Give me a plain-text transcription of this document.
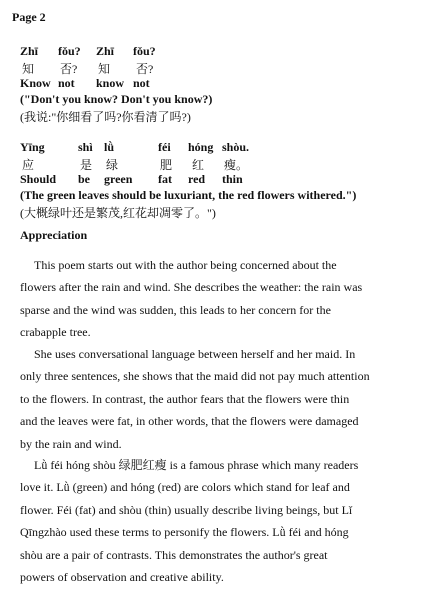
Page 2
Zhī fǒu? Zhī fǒu?
知 否? 知 否?
Know not know not
("Don't you know? Don't you know?)
(我说:"你细看了吗?你看清了吗?)
Yīng	shì lǜ	féi hóng shòu.
应	是 绿	肥 红 瘦。
Should be green fat red thin
(The green leaves should be luxuriant, the red flowers withered.")
(大概绿叶还是繁茂,红花却凋零了。")
Appreciation
This poem starts out with the author being concerned about the
flowers after the rain and wind. She describes the weather: the rain was
sparse and the wind was sudden, this leads to her concern for the
crabapple tree.
She uses conversational language between herself and her maid. In
only three sentences, she shows that the maid did not pay much attention
to the flowers. In contrast, the author fears that the flowers were thin
and the leaves were fat, in other words, that the flowers were damaged
by the rain and wind.
Lǜ féi hóng shòu 绿肥红瘦 is a famous phrase which many readers
love it. Lǜ (green) and hóng (red) are colors which stand for leaf and
flower. Féi (fat) and shòu (thin) usually describe living beings, but Lǐ
Qīngzhào used these terms to personify the flowers. Lǜ féi and hóng
shòu are a pair of contrasts. This demonstrates the author's great
powers of observation and creative ability.
